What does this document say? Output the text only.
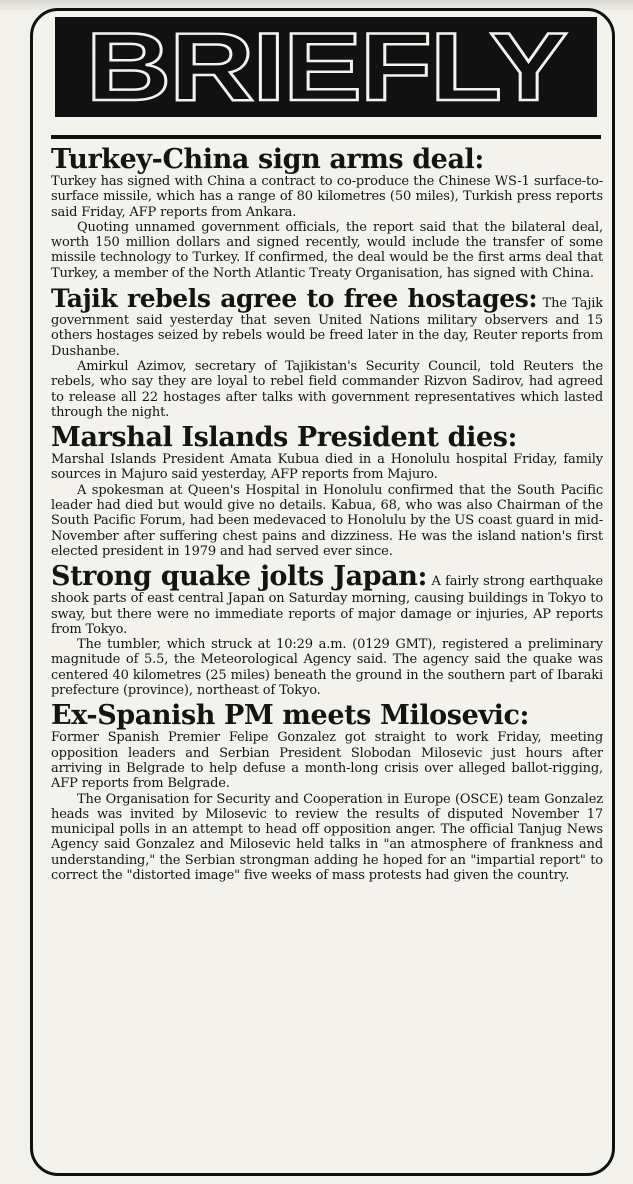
BRIEFLY
Turkey-China sign arms deal:

Turkey has signed with China a contract to co-produce the Chinese WS-1 surface-to-surface missile, which has a range of 80 kilometres (50 miles), Turkish press reports said Friday, AFP reports from Ankara.

Quoting unnamed government officials, the report said that the bilateral deal, worth 150 million dollars and signed recently, would include the transfer of some missile technology to Turkey. If confirmed, the deal would be the first arms deal that Turkey, a member of the North Atlantic Treaty Organisation, has signed with China.

Tajik rebels agree to free hostages: The Tajik government said yesterday that seven United Nations military observers and 15 others hostages seized by rebels would be freed later in the day, Reuter reports from Dushanbe.

Amirkul Azimov, secretary of Tajikistan's Security Council, told Reuters the rebels, who say they are loyal to rebel field commander Rizvon Sadirov, had agreed to release all 22 hostages after talks with government representatives which lasted through the night.

Marshal Islands President dies:

Marshal Islands President Amata Kubua died in a Honolulu hospital Friday, family sources in Majuro said yesterday, AFP reports from Majuro.

A spokesman at Queen's Hospital in Honolulu confirmed that the South Pacific leader had died but would give no details. Kabua, 68, who was also Chairman of the South Pacific Forum, had been medevaced to Honolulu by the US coast guard in mid-November after suffering chest pains and dizziness. He was the island nation's first elected president in 1979 and had served ever since.

Strong quake jolts Japan: A fairly strong earthquake shook parts of east central Japan on Saturday morning, causing buildings in Tokyo to sway, but there were no immediate reports of major damage or injuries, AP reports from Tokyo.

The tumbler, which struck at 10:29 a.m. (0129 GMT), registered a preliminary magnitude of 5.5, the Meteorological Agency said. The agency said the quake was centered 40 kilometres (25 miles) beneath the ground in the southern part of Ibaraki prefecture (province), northeast of Tokyo.

Ex-Spanish PM meets Milosevic:

Former Spanish Premier Felipe Gonzalez got straight to work Friday, meeting opposition leaders and Serbian President Slobodan Milosevic just hours after arriving in Belgrade to help defuse a month-long crisis over alleged ballot-rigging, AFP reports from Belgrade.

The Organisation for Security and Cooperation in Europe (OSCE) team Gonzalez heads was invited by Milosevic to review the results of disputed November 17 municipal polls in an attempt to head off opposition anger. The official Tanjug News Agency said Gonzalez and Milosevic held talks in "an atmosphere of frankness and understanding," the Serbian strongman adding he hoped for an "impartial report" to correct the "distorted image" five weeks of mass protests had given the country.
